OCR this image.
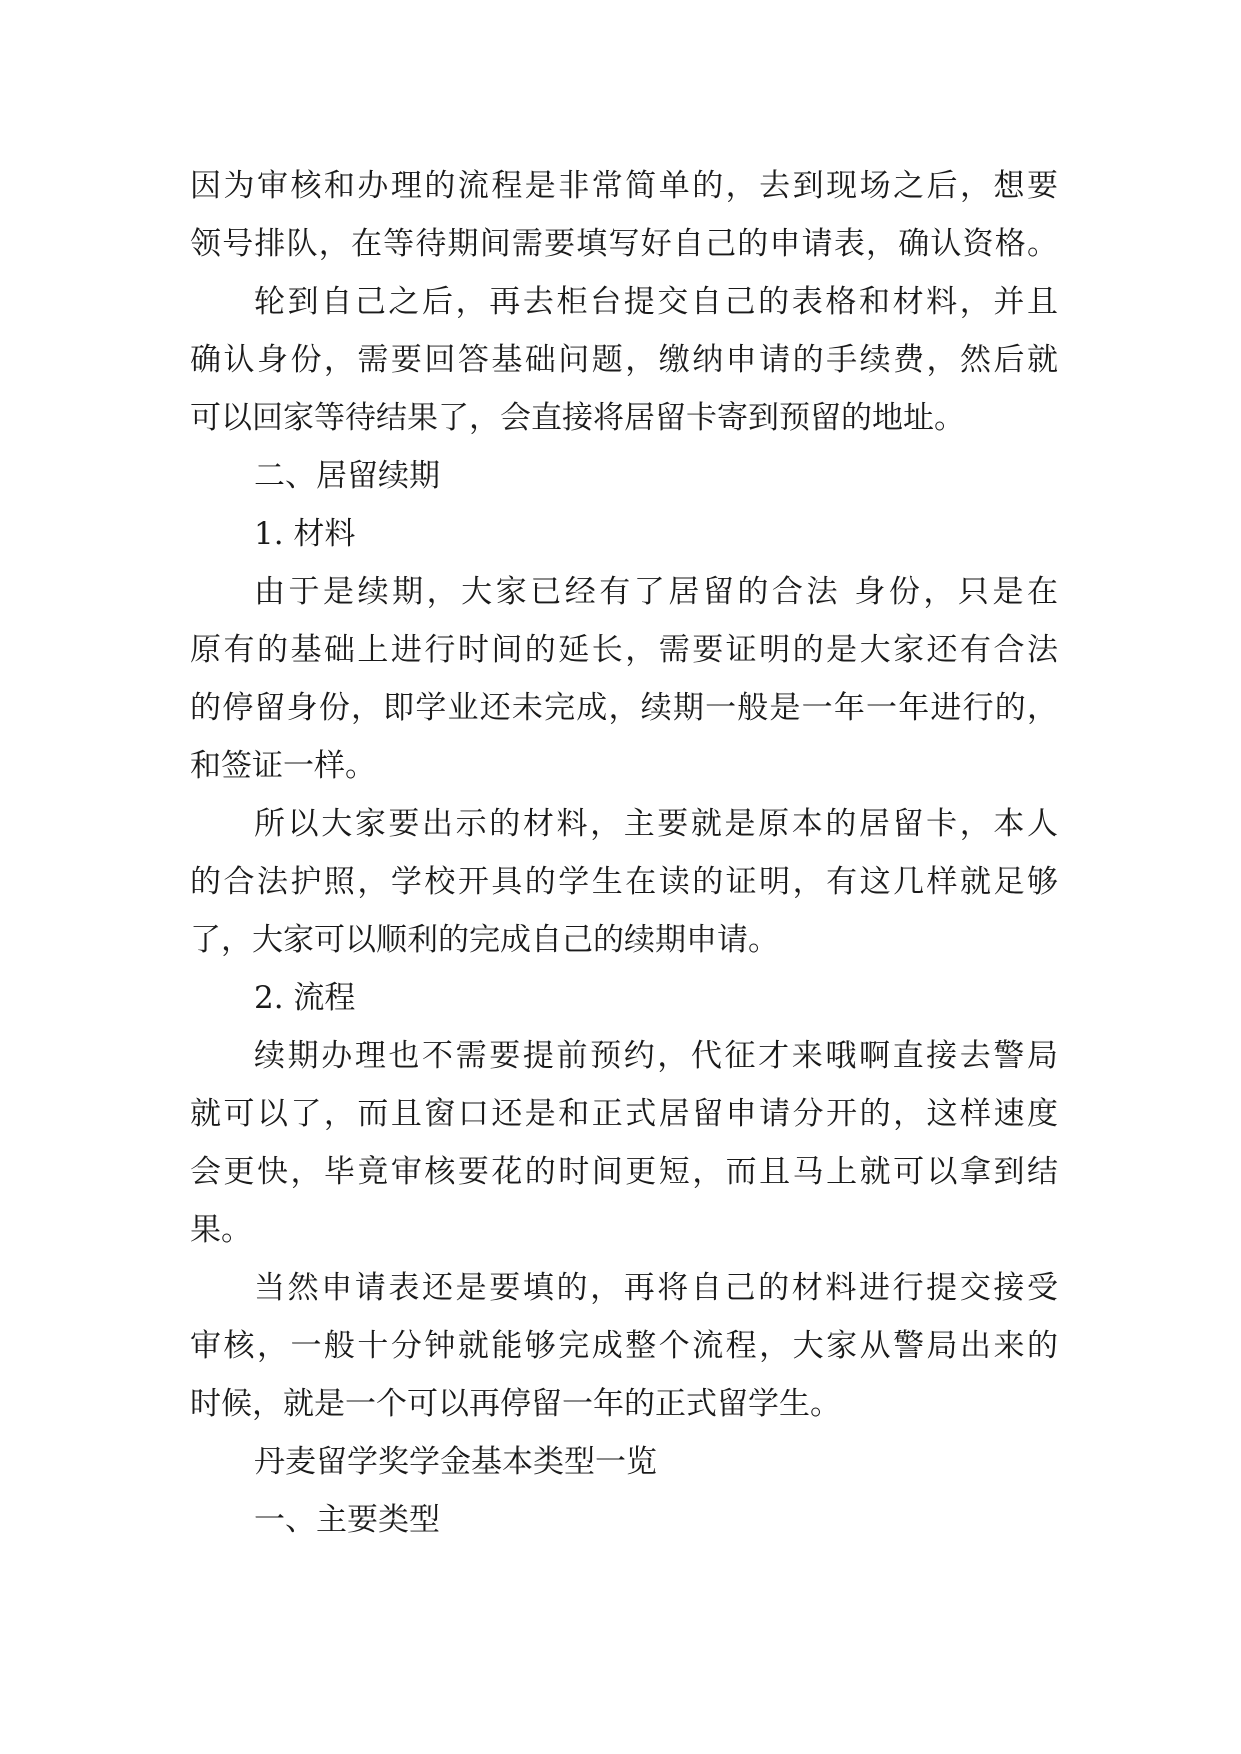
因为审核和办理的流程是非常简单的，去到现场之后，想要
领号排队，在等待期间需要填写好自己的申请表，确认资格。
轮到自己之后，再去柜台提交自己的表格和材料，并且
确认身份，需要回答基础问题，缴纳申请的手续费，然后就
可以回家等待结果了，会直接将居留卡寄到预留的地址。
二、居留续期
1. 材料
由于是续期，大家已经有了居留的合法 身份，只是在
原有的基础上进行时间的延长，需要证明的是大家还有合法
的停留身份，即学业还未完成，续期一般是一年一年进行的，
和签证一样。
所以大家要出示的材料，主要就是原本的居留卡，本人
的合法护照，学校开具的学生在读的证明，有这几样就足够
了，大家可以顺利的完成自己的续期申请。
2. 流程
续期办理也不需要提前预约，代征才来哦啊直接去警局
就可以了，而且窗口还是和正式居留申请分开的，这样速度
会更快，毕竟审核要花的时间更短，而且马上就可以拿到结
果。
当然申请表还是要填的，再将自己的材料进行提交接受
审核，一般十分钟就能够完成整个流程，大家从警局出来的
时候，就是一个可以再停留一年的正式留学生。
丹麦留学奖学金基本类型一览
一、主要类型
